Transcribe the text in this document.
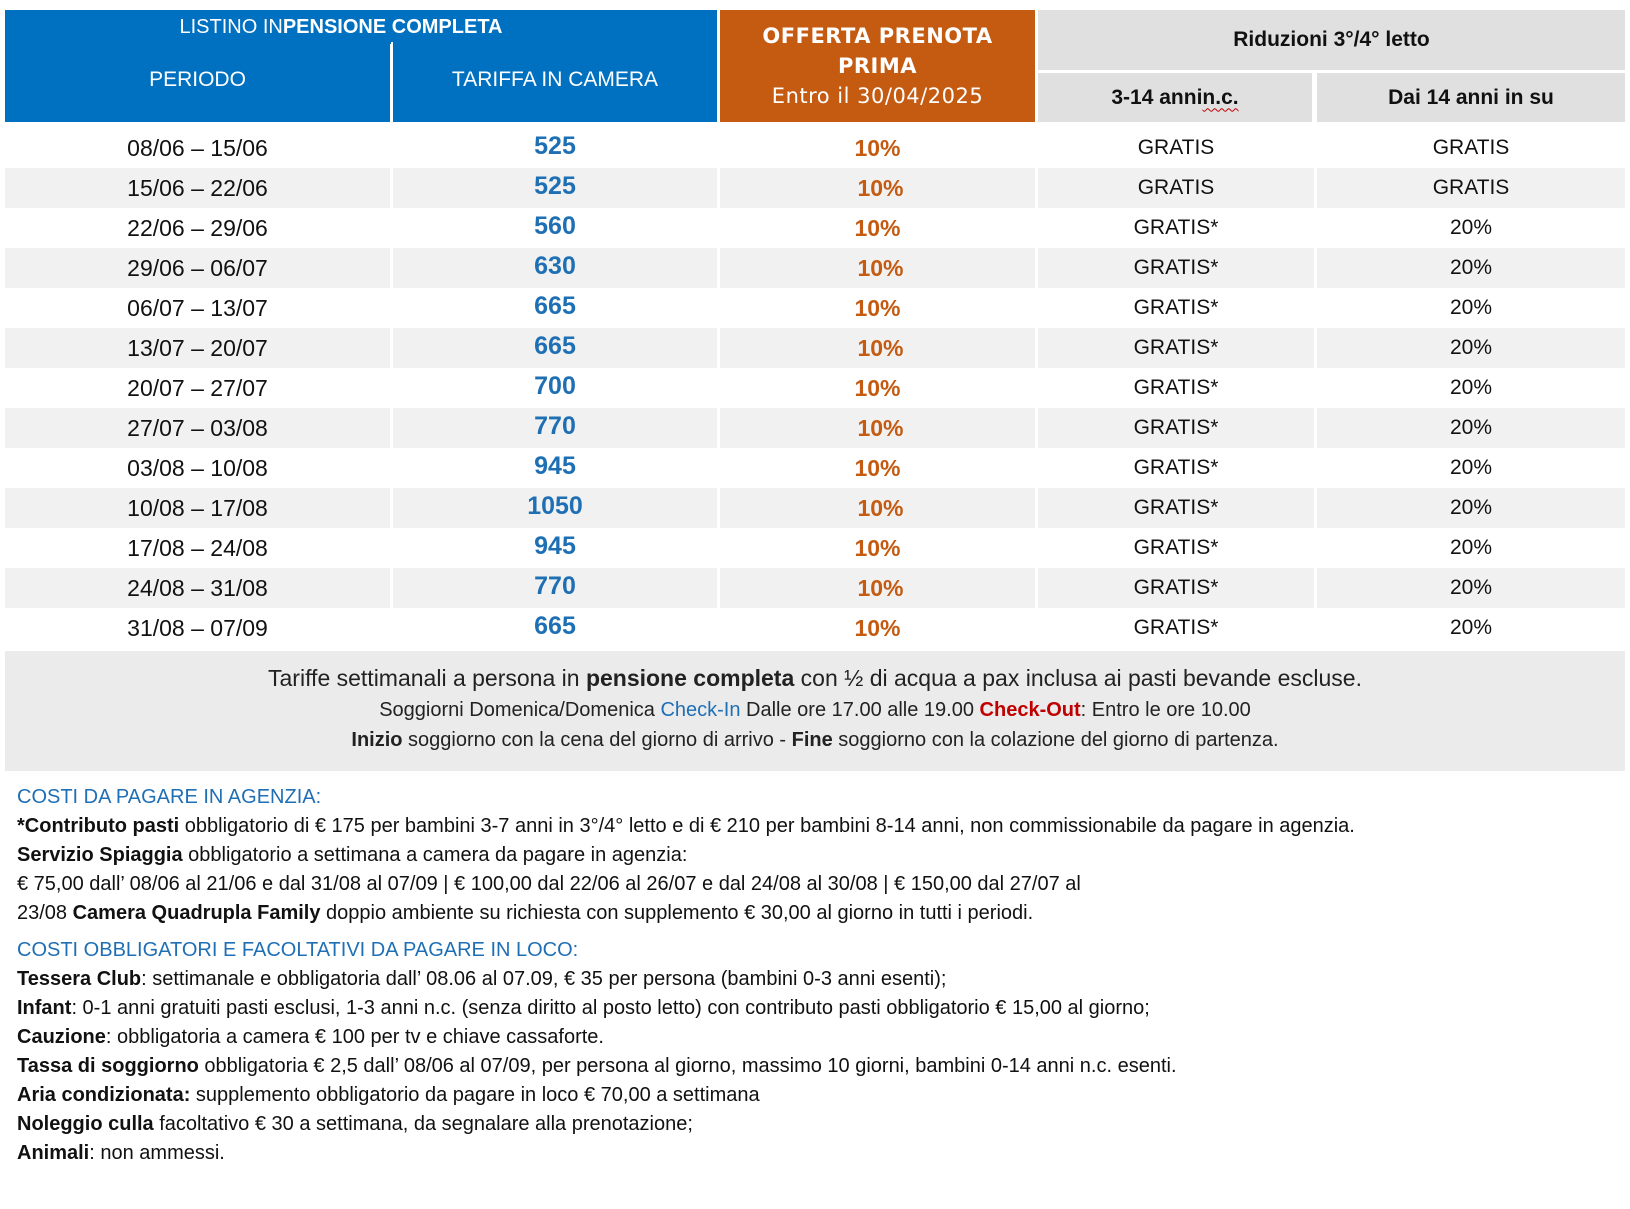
LISTINO IN PENSIONE COMPLETA
PERIODO	TARIFFA IN CAMERA
OFFERTA PRENOTA PRIMA
Entro il 30/04/2025
Riduzioni 3°/4° letto
3-14 anni n.c.	Dai 14 anni in su
08/06 – 15/06	525	10%	GRATIS	GRATIS
15/06 – 22/06	525	10%	GRATIS	GRATIS
22/06 – 29/06	560	10%	GRATIS*	20%
29/06 – 06/07	630	10%	GRATIS*	20%
06/07 – 13/07	665	10%	GRATIS*	20%
13/07 – 20/07	665	10%	GRATIS*	20%
20/07 – 27/07	700	10%	GRATIS*	20%
27/07 – 03/08	770	10%	GRATIS*	20%
03/08 – 10/08	945	10%	GRATIS*	20%
10/08 – 17/08	1050	10%	GRATIS*	20%
17/08 – 24/08	945	10%	GRATIS*	20%
24/08 – 31/08	770	10%	GRATIS*	20%
31/08 – 07/09	665	10%	GRATIS*	20%
Tariffe settimanali a persona in pensione completa con ½ di acqua a pax inclusa ai pasti bevande escluse.
Soggiorni Domenica/Domenica Check-In Dalle ore 17.00 alle 19.00 Check-Out: Entro le ore 10.00
Inizio soggiorno con la cena del giorno di arrivo - Fine soggiorno con la colazione del giorno di partenza.
COSTI DA PAGARE IN AGENZIA:
*Contributo pasti obbligatorio di € 175 per bambini 3-7 anni in 3°/4° letto e di € 210 per bambini 8-14 anni, non commissionabile da pagare in agenzia.
Servizio Spiaggia obbligatorio a settimana a camera da pagare in agenzia:
€ 75,00 dall’ 08/06 al 21/06 e dal 31/08 al 07/09 | € 100,00 dal 22/06 al 26/07 e dal 24/08 al 30/08 | € 150,00 dal 27/07 al
23/08 Camera Quadrupla Family doppio ambiente su richiesta con supplemento € 30,00 al giorno in tutti i periodi.
COSTI OBBLIGATORI E FACOLTATIVI DA PAGARE IN LOCO:
Tessera Club: settimanale e obbligatoria dall’ 08.06 al 07.09, € 35 per persona (bambini 0-3 anni esenti);
Infant: 0-1 anni gratuiti pasti esclusi, 1-3 anni n.c. (senza diritto al posto letto) con contributo pasti obbligatorio € 15,00 al giorno;
Cauzione: obbligatoria a camera € 100 per tv e chiave cassaforte.
Tassa di soggiorno obbligatoria € 2,5 dall’ 08/06 al 07/09, per persona al giorno, massimo 10 giorni, bambini 0-14 anni n.c. esenti.
Aria condizionata: supplemento obbligatorio da pagare in loco € 70,00 a settimana
Noleggio culla facoltativo € 30 a settimana, da segnalare alla prenotazione;
Animali: non ammessi.
